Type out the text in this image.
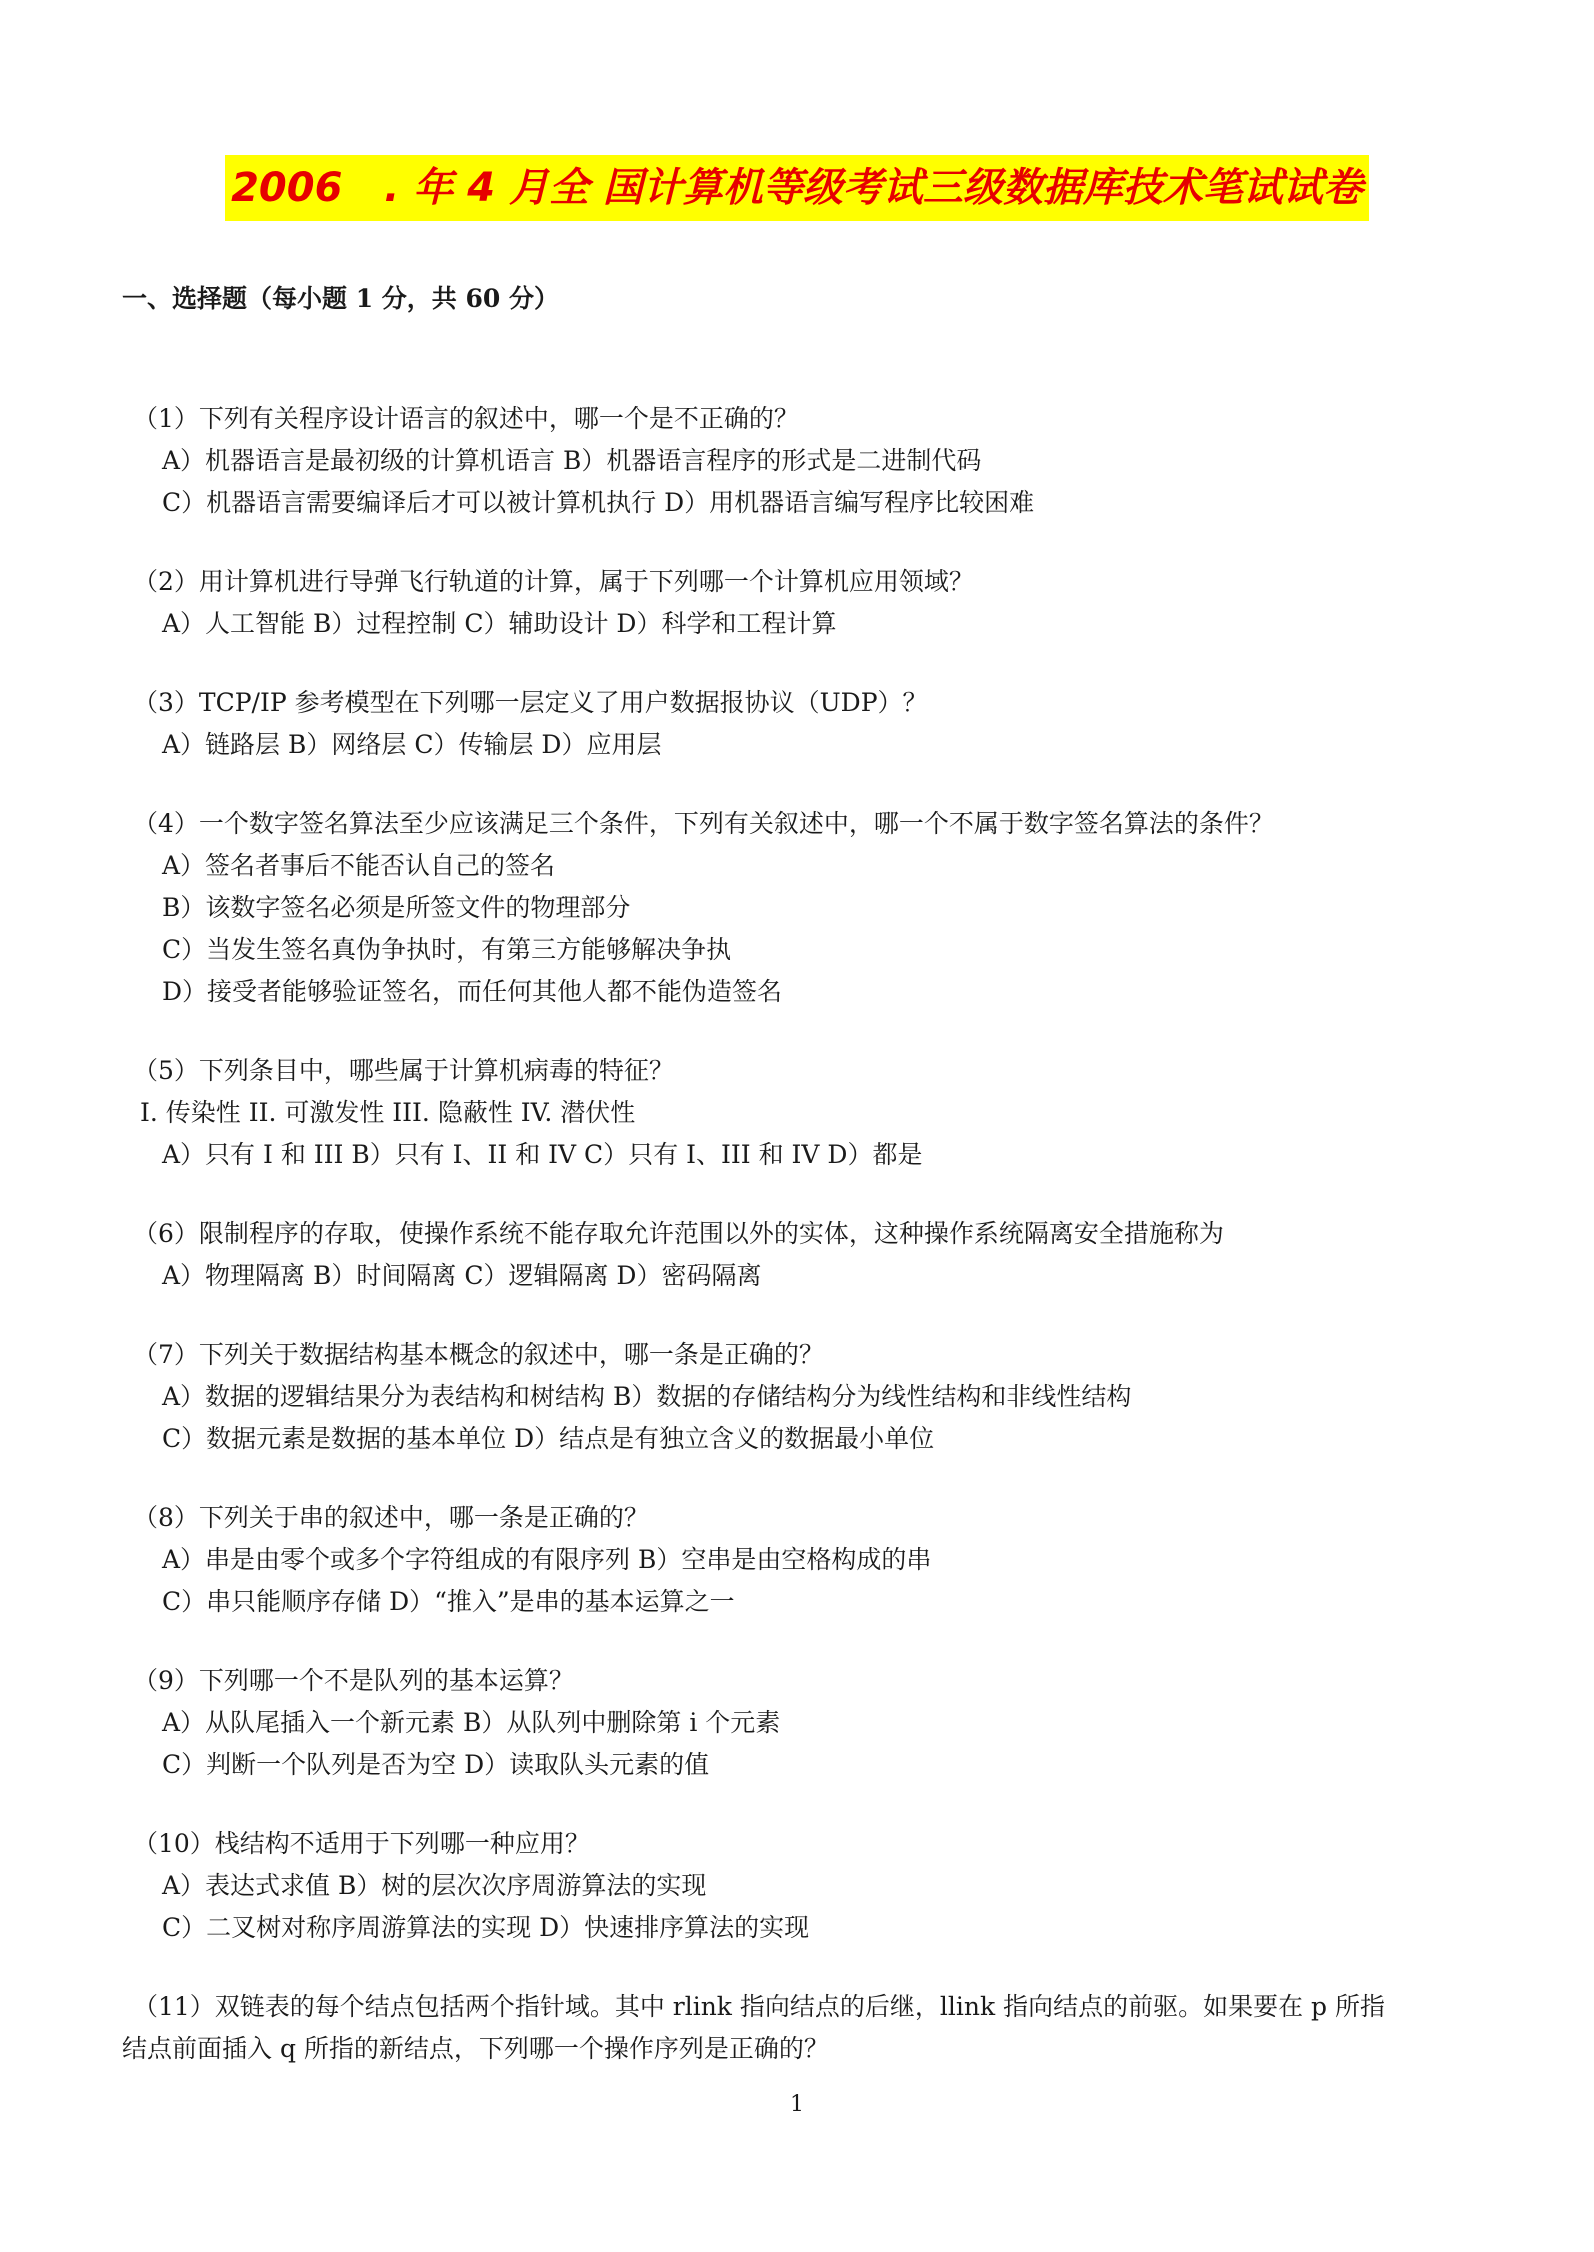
2006   . 年 4 月全 国计算机等级考试三级数据库技术笔试试卷
一、选择题（每小题 1 分，共 60 分）
（1）下列有关程序设计语言的叙述中，哪一个是不正确的？
A）机器语言是最初级的计算机语言 B）机器语言程序的形式是二进制代码
C）机器语言需要编译后才可以被计算机执行 D）用机器语言编写程序比较困难
（2）用计算机进行导弹飞行轨道的计算，属于下列哪一个计算机应用领域？
A）人工智能 B）过程控制 C）辅助设计 D）科学和工程计算
（3）TCP/IP 参考模型在下列哪一层定义了用户数据报协议（UDP）？
A）链路层 B）网络层 C）传输层 D）应用层
（4）一个数字签名算法至少应该满足三个条件，下列有关叙述中，哪一个不属于数字签名算法的条件？
A）签名者事后不能否认自己的签名
B）该数字签名必须是所签文件的物理部分
C）当发生签名真伪争执时，有第三方能够解决争执
D）接受者能够验证签名，而任何其他人都不能伪造签名
（5）下列条目中，哪些属于计算机病毒的特征？
I. 传染性 II. 可激发性 III. 隐蔽性 IV. 潜伏性
A）只有 I 和 III B）只有 I、II 和 IV C）只有 I、III 和 IV D）都是
（6）限制程序的存取，使操作系统不能存取允许范围以外的实体，这种操作系统隔离安全措施称为
A）物理隔离 B）时间隔离 C）逻辑隔离 D）密码隔离
（7）下列关于数据结构基本概念的叙述中，哪一条是正确的？
A）数据的逻辑结果分为表结构和树结构 B）数据的存储结构分为线性结构和非线性结构
C）数据元素是数据的基本单位 D）结点是有独立含义的数据最小单位
（8）下列关于串的叙述中，哪一条是正确的？
A）串是由零个或多个字符组成的有限序列 B）空串是由空格构成的串
C）串只能顺序存储 D）“推入”是串的基本运算之一
（9）下列哪一个不是队列的基本运算？
A）从队尾插入一个新元素 B）从队列中删除第 i 个元素
C）判断一个队列是否为空 D）读取队头元素的值
（10）栈结构不适用于下列哪一种应用？
A）表达式求值 B）树的层次次序周游算法的实现
C）二叉树对称序周游算法的实现 D）快速排序算法的实现
（11）双链表的每个结点包括两个指针域。其中 rlink 指向结点的后继，llink 指向结点的前驱。如果要在 p 所指
结点前面插入 q 所指的新结点，下列哪一个操作序列是正确的？
1
